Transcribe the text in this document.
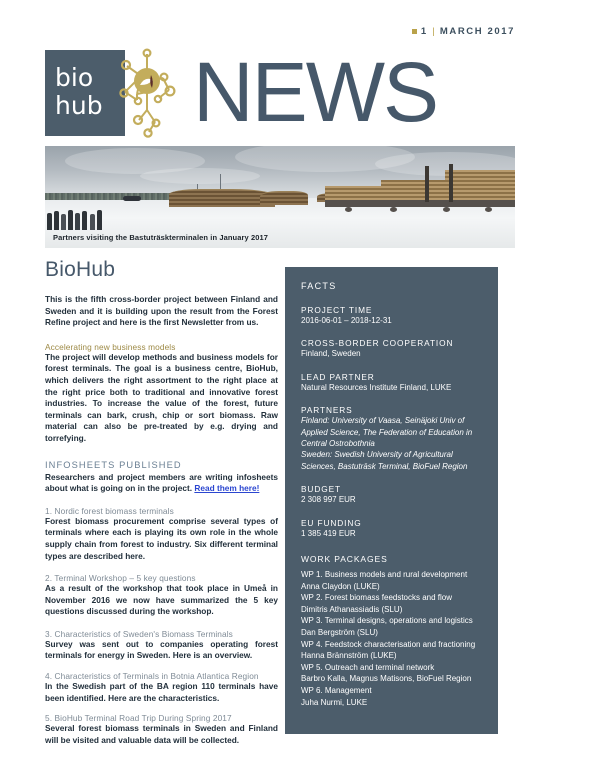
1 | MARCH 2017
bio
hub NEWS
Partners visiting the Bastuträskterminalen in January 2017
BioHub
This is the fifth cross-border project between Finland and Sweden and it is building upon the result from the Forest Refine project and here is the first Newsletter from us.
Accelerating new business models
The project will develop methods and business models for forest terminals. The goal is a business centre, BioHub, which delivers the right assortment to the right place at the right price both to traditional and innovative forest industries. To increase the value of the forest, future terminals can bark, crush, chip or sort biomass. Raw material can also be pre-treated by e.g. drying and torrefying.
INFOSHEETS PUBLISHED
Researchers and project members are writing infosheets about what is going on in the project. Read them here!
1. Nordic forest biomass terminals
Forest biomass procurement comprise several types of terminals where each is playing its own role in the whole supply chain from forest to industry. Six different terminal types are described here.
2. Terminal Workshop – 5 key questions
As a result of the workshop that took place in Umeå in November 2016 we now have summarized the 5 key questions discussed during the workshop.
3. Characteristics of Sweden's Biomass Terminals
Survey was sent out to companies operating forest terminals for energy in Sweden. Here is an overview.
4. Characteristics of Terminals in Botnia Atlantica Region
In the Swedish part of the BA region 110 terminals have been identified. Here are the characteristics.
5. BioHub Terminal Road Trip During Spring 2017
Several forest biomass terminals in Sweden and Finland will be visited and valuable data will be collected.
FACTS
PROJECT TIME
2016-06-01 – 2018-12-31
CROSS-BORDER COOPERATION
Finland, Sweden
LEAD PARTNER
Natural Resources Institute Finland, LUKE
PARTNERS
Finland: University of Vaasa, Seinäjoki Univ of Applied Science, The Federation of Education in Central Ostrobothnia
Sweden: Swedish University of Agricultural Sciences, Bastuträsk Terminal, BioFuel Region
BUDGET
2 308 997 EUR
EU FUNDING
1 385 419 EUR
WORK PACKAGES
WP 1. Business models and rural development
Anna Claydon (LUKE)
WP 2. Forest biomass feedstocks and flow
Dimitris Athanassiadis (SLU)
WP 3. Terminal designs, operations and logistics
Dan Bergström (SLU)
WP 4. Feedstock characterisation and fractioning
Hanna Brännström (LUKE)
WP 5. Outreach and terminal network
Barbro Kalla, Magnus Matisons, BioFuel Region
WP 6. Management
Juha Nurmi, LUKE
